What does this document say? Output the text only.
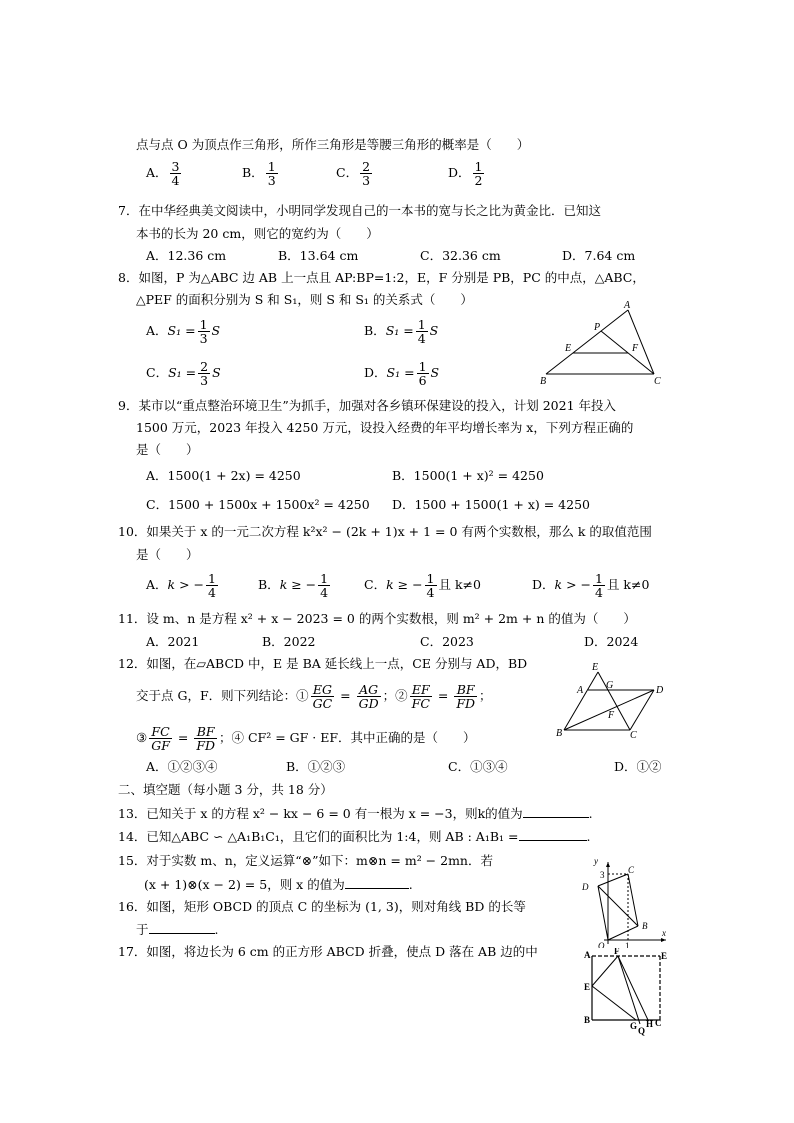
点与点 O 为顶点作三角形，所作三角形是等腰三角形的概率是（　　）
A． $\frac{3}{4}$	B． $\frac{1}{3}$	C． $\frac{2}{3}$	D． $\frac{1}{2}$
7．在中华经典美文阅读中，小明同学发现自己的一本书的宽与长之比为黄金比．已知这
本书的长为 20 cm，则它的宽约为（　　）
A．12.36 cm	B．13.64 cm	C．32.36 cm	D．7.64 cm
8．如图，P 为△ABC 边 AB 上一点且 AP:BP=1:2，E，F 分别是 PB，PC 的中点，△ABC，
△PEF 的面积分别为 S 和 S₁，则 S 和 S₁ 的关系式（　　）
A．$S_1 = \frac{1}{3}$ S	B．$S_1 = \frac{1}{4}$ S
C．$S_1 = \frac{2}{3}$ S	D．$S_1 = \frac{1}{6}$ S
A
P
E	F
B	C
9．某市以“重点整治环境卫生”为抓手，加强对各乡镇环保建设的投入，计划 2021 年投入
1500 万元，2023 年投入 4250 万元，设投入经费的年平均增长率为 x，下列方程正确的
是（　　）
A．1500(1 + 2x) = 4250	B．1500(1 + x)² = 4250
C．1500 + 1500x + 1500x² = 4250 D．1500 + 1500(1 + x) = 4250
10．如果关于 x 的一元二次方程 k²x² − (2k + 1)x + 1 = 0 有两个实数根，那么 k 的取值范围
是（　　）
A．k > − $\frac{1}{4}$	B．k ≥ − $\frac{1}{4}$	C．k ≥ − $\frac{1}{4}$ 且 k≠0	D．k > − $\frac{1}{4}$ 且 k≠0
11．设 m、n 是方程 x² + x − 2023 = 0 的两个实数根，则 m² + 2m + n 的值为（　　）
A．2021	B．2022	C．2023	D．2024
12．如图，在▱ABCD 中，E 是 BA 延长线上一点，CE 分别与 AD，BD
交于点 G，F．则下列结论：① $\frac{EG}{GC} = \frac{AG}{GD}$ ；② $\frac{EF}{FC} = \frac{BF}{FD}$ ；
③ $\frac{FC}{GF} = \frac{BF}{FD}$ ；④ CF² = GF · EF．其中正确的是（　　）
A．①②③④	B．①②③	C．①③④	D．①②
E
A G	D
F
B	C
二、填空题（每小题 3 分，共 18 分）
13．已知关于 x 的方程 x² − kx − 6 = 0 有一根为 x = −3，则k的值为	.
14．已知△ABC ∽ △A₁B₁C₁，且它们的面积比为 1:4，则 AB : A₁B₁ =	.
15．对于实数 m、n，定义运算“⊗”如下：m⊗n = m² − 2mn．若
(x + 1)⊗(x − 2) = 5，则 x 的值为	.
16．如图，矩形 OBCD 的顶点 C 的坐标为 (1, 3)，则对角线 BD 的长等
于	.
y
x
3
1
O
C
D
B
17．如图，将边长为 6 cm 的正方形 ABCD 折叠，使点 D 落在 AB 边的中	A	F	E
E
B
G Q
H C
